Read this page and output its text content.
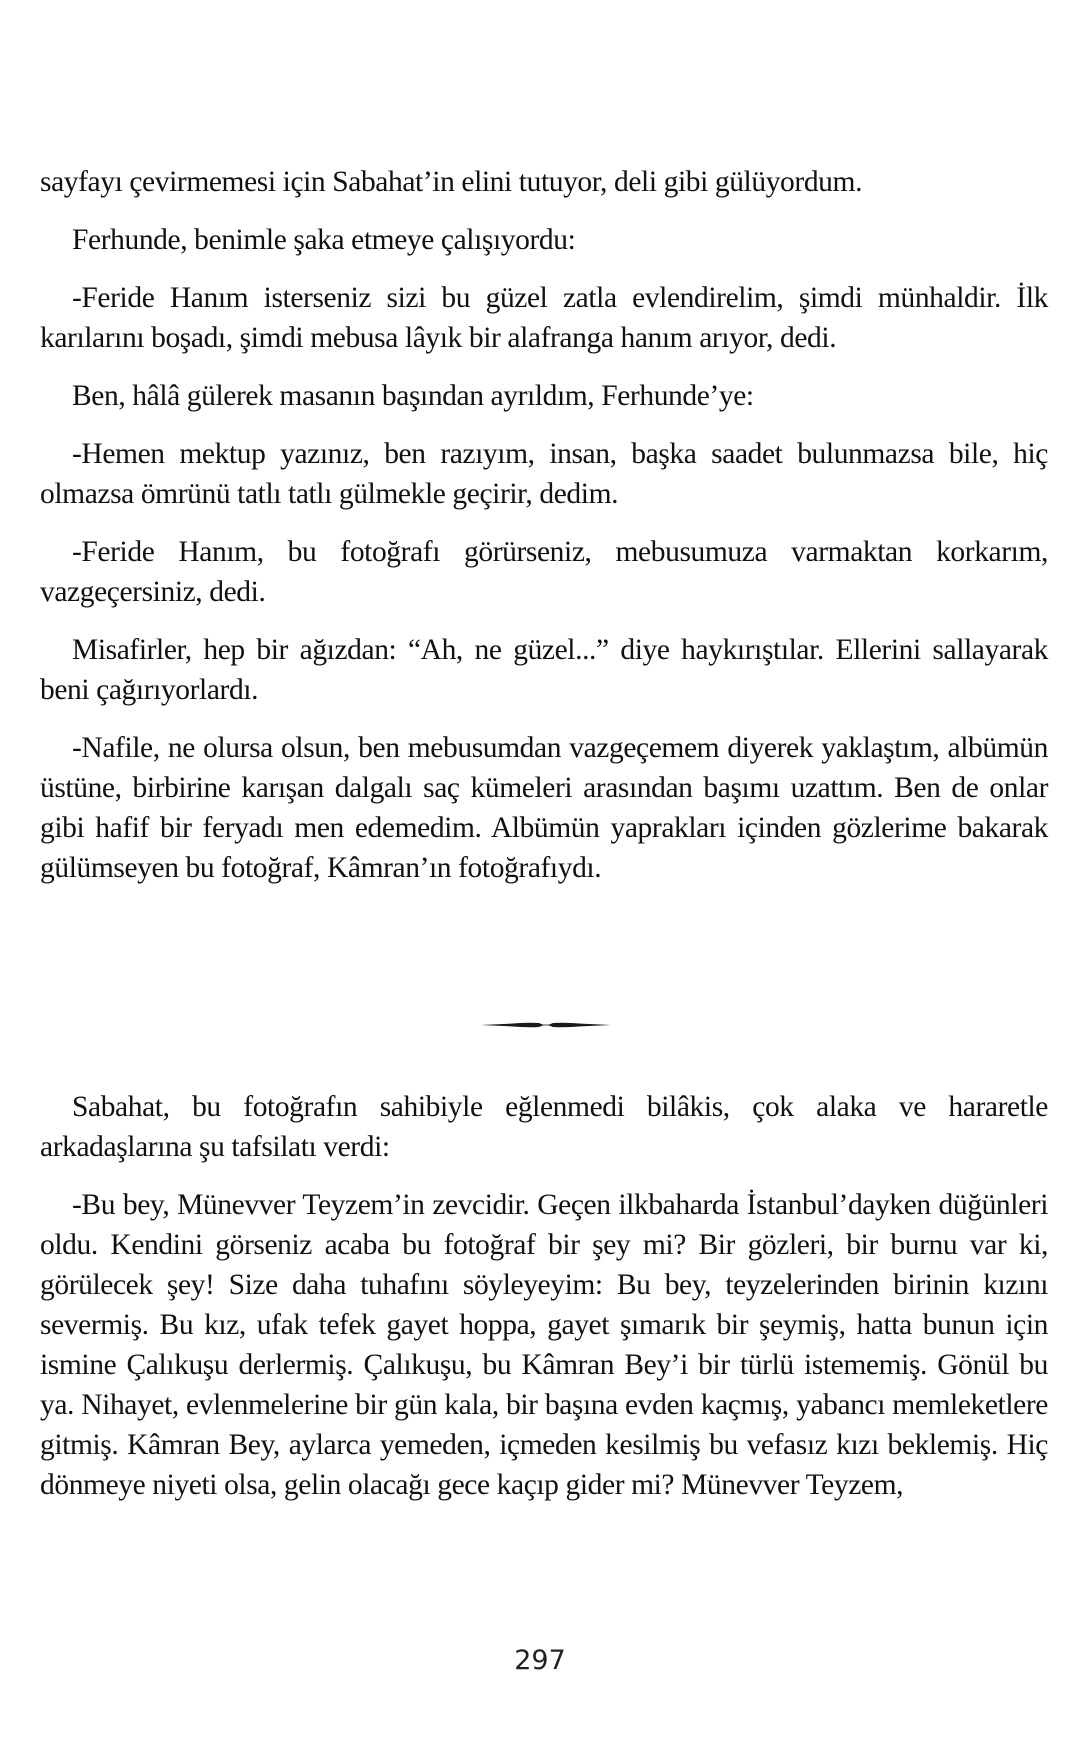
sayfayı çevirmemesi için Sabahat’in elini tutuyor, deli gibi gülüyordum.

Ferhunde, benimle şaka etmeye çalışıyordu:

-Feride Hanım isterseniz sizi bu güzel zatla evlendirelim, şimdi münhaldir. İlk karılarını boşadı, şimdi mebusa lâyık bir alafranga hanım arıyor, dedi.

Ben, hâlâ gülerek masanın başından ayrıldım, Ferhunde’ye:

-Hemen mektup yazınız, ben razıyım, insan, başka saadet bulunmazsa bile, hiç olmazsa ömrünü tatlı tatlı gülmekle geçirir, dedim.

-Feride Hanım, bu fotoğrafı görürseniz, mebusumuza varmaktan korkarım, vazgeçersiniz, dedi.

Misafirler, hep bir ağızdan: “Ah, ne güzel...” diye haykırıştılar. Ellerini sallayarak beni çağırıyorlardı.

-Nafile, ne olursa olsun, ben mebusumdan vazgeçemem diyerek yaklaştım, albümün üstüne, birbirine karışan dalgalı saç kümeleri arasından başımı uzattım. Ben de onlar gibi hafif bir feryadı men edemedim. Albümün yaprakları içinden gözlerime bakarak gülümseyen bu fotoğraf, Kâmran’ın fotoğrafıydı.

Sabahat, bu fotoğrafın sahibiyle eğlenmedi bilâkis, çok alaka ve hararetle arkadaşlarına şu tafsilatı verdi:

-Bu bey, Münevver Teyzem’in zevcidir. Geçen ilkbaharda İstanbul’dayken düğünleri oldu. Kendini görseniz acaba bu fotoğraf bir şey mi? Bir gözleri, bir burnu var ki, görülecek şey! Size daha tuhafını söyleyeyim: Bu bey, teyzelerinden birinin kızını severmiş. Bu kız, ufak tefek gayet hoppa, gayet şımarık bir şeymiş, hatta bunun için ismine Çalıkuşu derlermiş. Çalıkuşu, bu Kâmran Bey’i bir türlü istememiş. Gönül bu ya. Nihayet, evlenmelerine bir gün kala, bir başına evden kaçmış, yabancı memleketlere gitmiş. Kâmran Bey, aylarca yemeden, içmeden kesilmiş bu vefasız kızı beklemiş. Hiç dönmeye niyeti olsa, gelin olacağı gece kaçıp gider mi? Münevver Teyzem,

297
